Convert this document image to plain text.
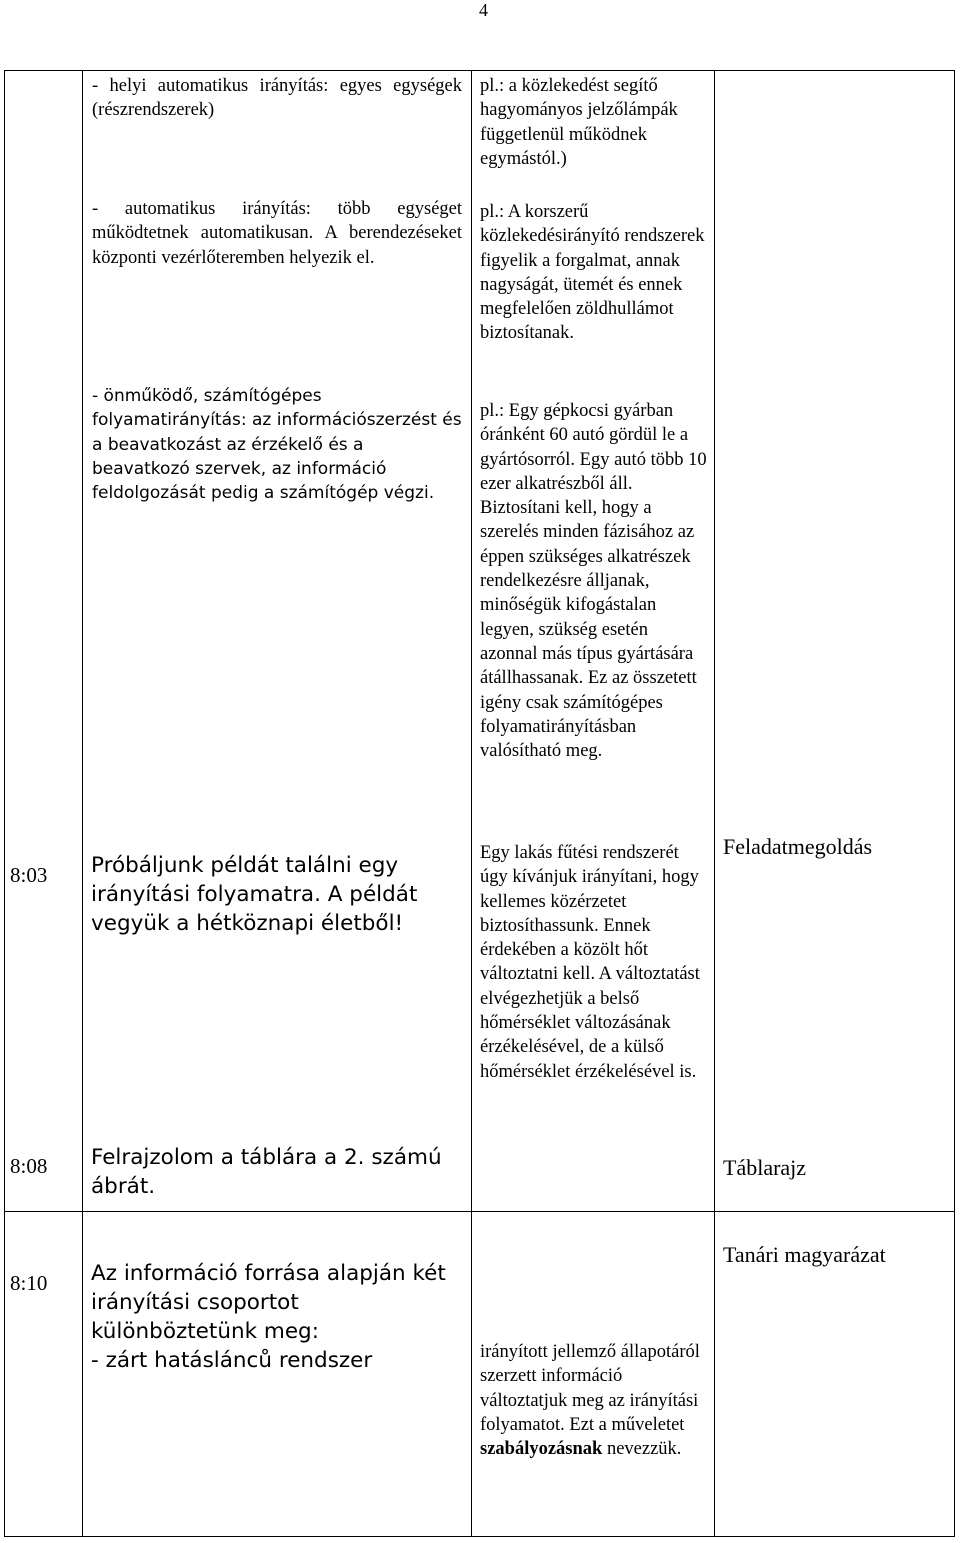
4
- helyi automatikus irányítás: egyes egységek (részrendszerek)
pl.: a közlekedést segítő hagyományos jelzőlámpák függetlenül működnek egymástól.)
- automatikus irányítás: több egységet működtetnek automatikusan. A berendezéseket központi vezérlőteremben helyezik el.
pl.: A korszerű közlekedésirányító rendszerek figyelik a forgalmat, annak nagyságát, ütemét és ennek megfelelően zöldhullámot biztosítanak.
- önműködő, számítógépes folyamatirányítás: az információszerzést és a beavatkozást az érzékelő és a beavatkozó szervek, az információ feldolgozását pedig a számítógép végzi.
pl.: Egy gépkocsi gyárban óránként 60 autó gördül le a gyártósorról. Egy autó több 10 ezer alkatrészből áll. Biztosítani kell, hogy a szerelés minden fázisához az éppen szükséges alkatrészek rendelkezésre álljanak, minőségük kifogástalan legyen, szükség esetén azonnal más típus gyártására átállhassanak. Ez az összetett igény csak számítógépes folyamatirányításban valósítható meg.
8:03 Próbáljunk példát találni egy irányítási folyamatra. A példát vegyük a hétköznapi életből!
Egy lakás fűtési rendszerét úgy kívánjuk irányítani, hogy kellemes közérzetet biztosíthassunk. Ennek érdekében a közölt hőt változtatni kell. A változtatást elvégezhetjük a belső hőmérséklet változásának érzékelésével, de a külső hőmérséklet érzékelésével is.
Feladatmegoldás
8:08 Felrajzolom a táblára a 2. számú ábrát.
Táblarajz
8:10 Az információ forrása alapján két irányítási csoportot különböztetünk meg:
- zárt hatáslánců rendszer	irányított jellemző állapotáról szerzett információ változtatjuk meg az irányítási folyamatot. Ezt a műveletet szabályozásnak nevezzük.
Tanári magyarázat
